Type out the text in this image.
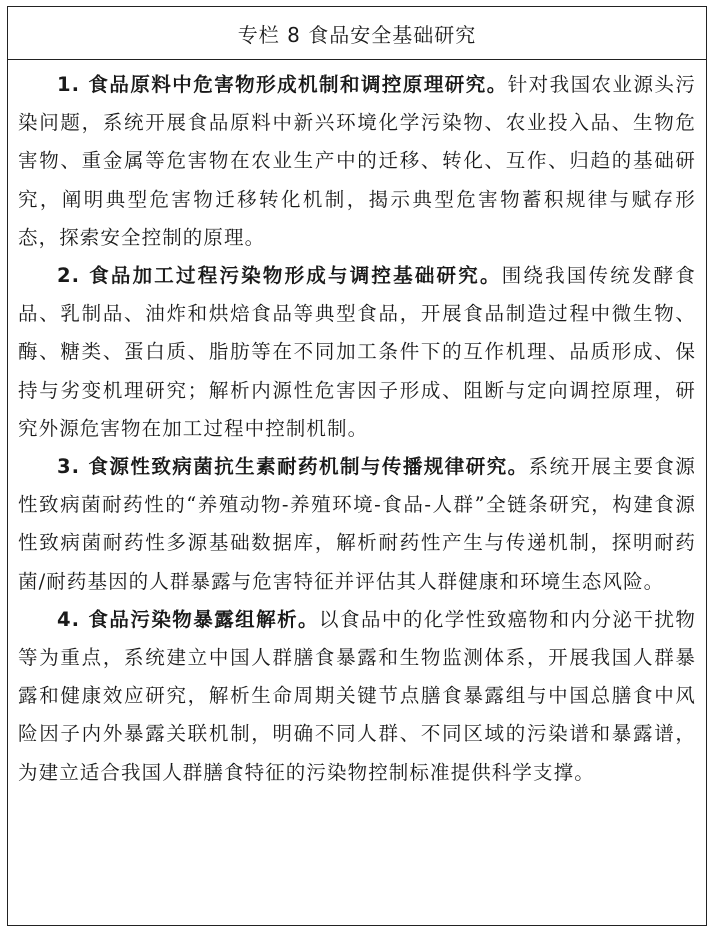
专栏 8 食品安全基础研究

1. 食品原料中危害物形成机制和调控原理研究。针对我国农业源头污染问题，系统开展食品原料中新兴环境化学污染物、农业投入品、生物危害物、重金属等危害物在农业生产中的迁移、转化、互作、归趋的基础研究，阐明典型危害物迁移转化机制，揭示典型危害物蓄积规律与赋存形态，探索安全控制的原理。

2. 食品加工过程污染物形成与调控基础研究。围绕我国传统发酵食品、乳制品、油炸和烘焙食品等典型食品，开展食品制造过程中微生物、酶、糖类、蛋白质、脂肪等在不同加工条件下的互作机理、品质形成、保持与劣变机理研究；解析内源性危害因子形成、阻断与定向调控原理，研究外源危害物在加工过程中控制机制。

3. 食源性致病菌抗生素耐药机制与传播规律研究。系统开展主要食源性致病菌耐药性的“养殖动物-养殖环境-食品-人群”全链条研究，构建食源性致病菌耐药性多源基础数据库，解析耐药性产生与传递机制，探明耐药菌/耐药基因的人群暴露与危害特征并评估其人群健康和环境生态风险。

4. 食品污染物暴露组解析。以食品中的化学性致癌物和内分泌干扰物等为重点，系统建立中国人群膳食暴露和生物监测体系，开展我国人群暴露和健康效应研究，解析生命周期关键节点膳食暴露组与中国总膳食中风险因子内外暴露关联机制，明确不同人群、不同区域的污染谱和暴露谱，为建立适合我国人群膳食特征的污染物控制标准提供科学支撑。
